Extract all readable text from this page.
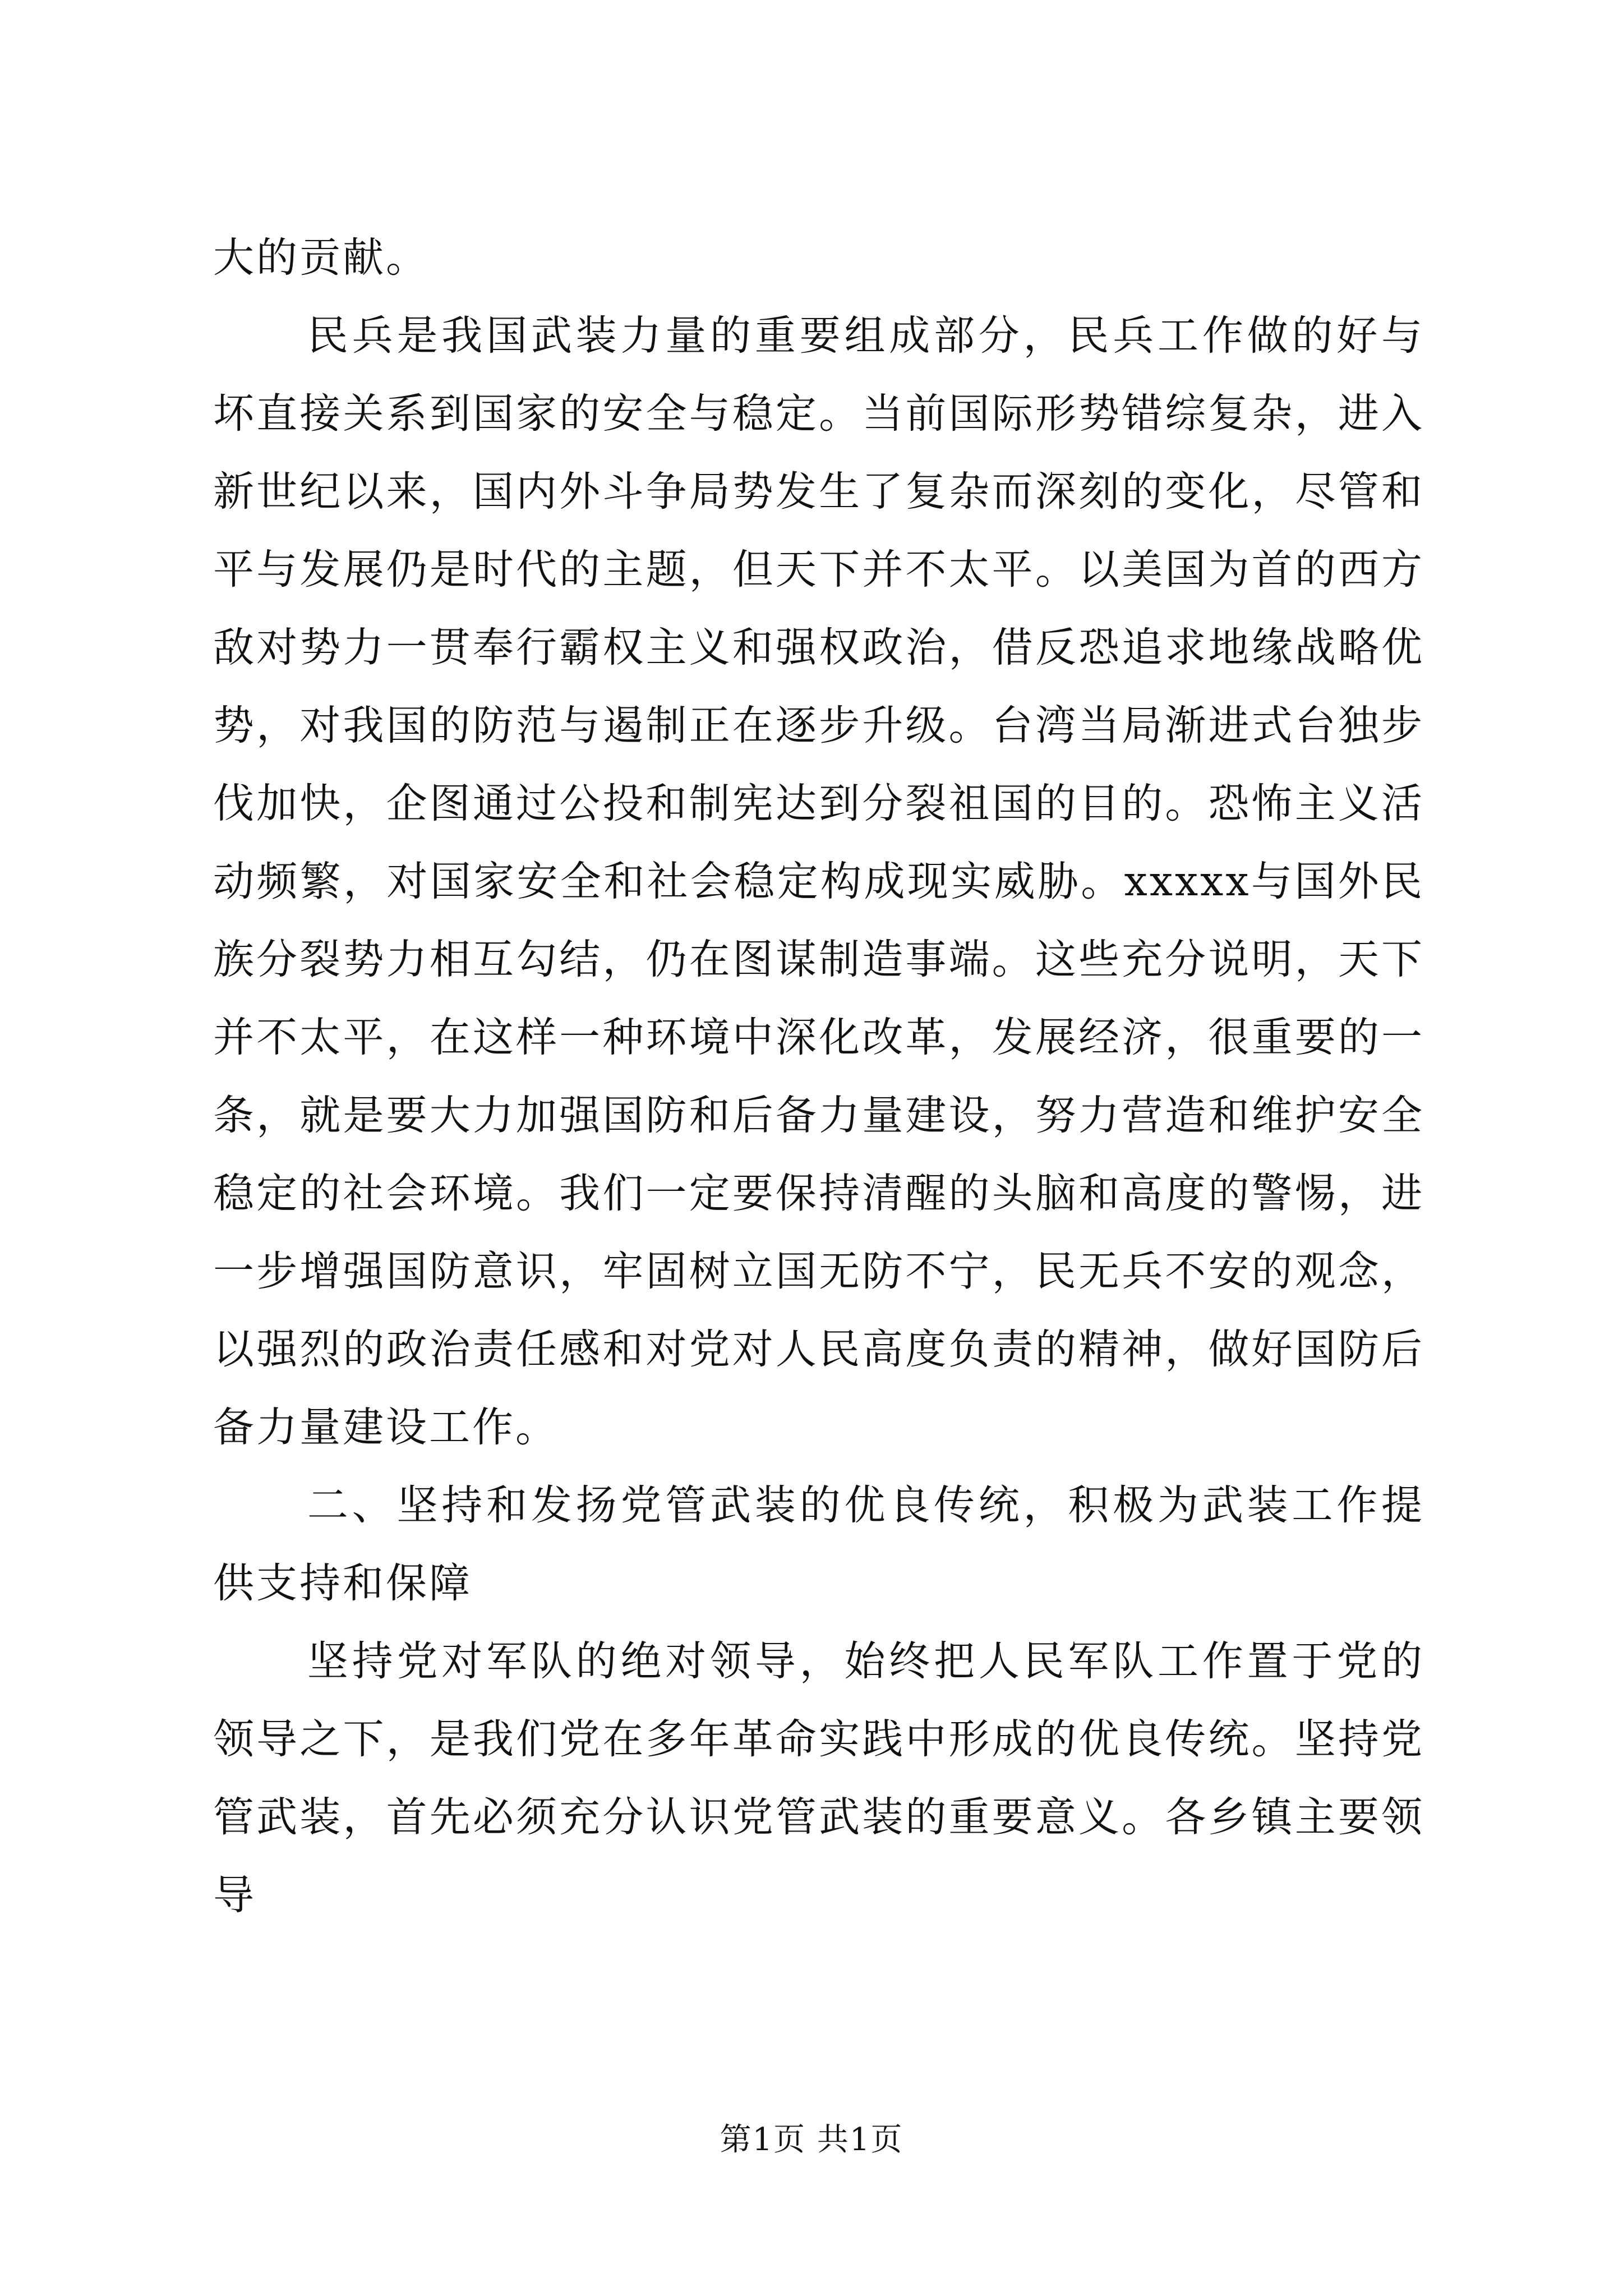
大的贡献。

民兵是我国武装力量的重要组成部分，民兵工作做的好与坏直接关系到国家的安全与稳定。当前国际形势错综复杂，进入新世纪以来，国内外斗争局势发生了复杂而深刻的变化，尽管和平与发展仍是时代的主题，但天下并不太平。以美国为首的西方敌对势力一贯奉行霸权主义和强权政治，借反恐追求地缘战略优势，对我国的防范与遏制正在逐步升级。台湾当局渐进式台独步伐加快，企图通过公投和制宪达到分裂祖国的目的。恐怖主义活动频繁，对国家安全和社会稳定构成现实威胁。xxxxx与国外民族分裂势力相互勾结，仍在图谋制造事端。这些充分说明，天下并不太平，在这样一种环境中深化改革，发展经济，很重要的一条，就是要大力加强国防和后备力量建设，努力营造和维护安全稳定的社会环境。我们一定要保持清醒的头脑和高度的警惕，进一步增强国防意识，牢固树立国无防不宁，民无兵不安的观念，以强烈的政治责任感和对党对人民高度负责的精神，做好国防后备力量建设工作。

二、坚持和发扬党管武装的优良传统，积极为武装工作提供支持和保障

坚持党对军队的绝对领导，始终把人民军队工作置于党的领导之下，是我们党在多年革命实践中形成的优良传统。坚持党管武装，首先必须充分认识党管武装的重要意义。各乡镇主要领导

第1页 共1页
